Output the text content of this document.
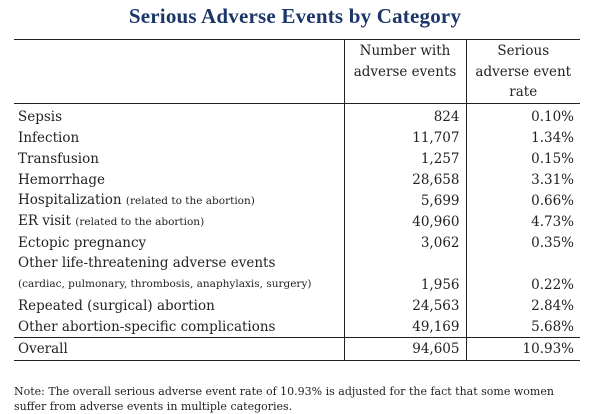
Serious Adverse Events by Category
	Number with adverse events	Serious adverse event rate
Sepsis	824	0.10%
Infection	11,707	1.34%
Transfusion	1,257	0.15%
Hemorrhage	28,658	3.31%
Hospitalization (related to the abortion)	5,699	0.66%
ER visit (related to the abortion)	40,960	4.73%
Ectopic pregnancy	3,062	0.35%

Other life-threatening adverse events
(cardiac, pulmonary, thrombosis, anaphylaxis, surgery)	1,956	0.22%
Repeated (surgical) abortion	24,563	2.84%
Other abortion-specific complications	49,169	5.68%
Overall	94,605	10.93%
Note: The overall serious adverse event rate of 10.93% is adjusted for the fact that some women suffer from adverse events in multiple categories.
